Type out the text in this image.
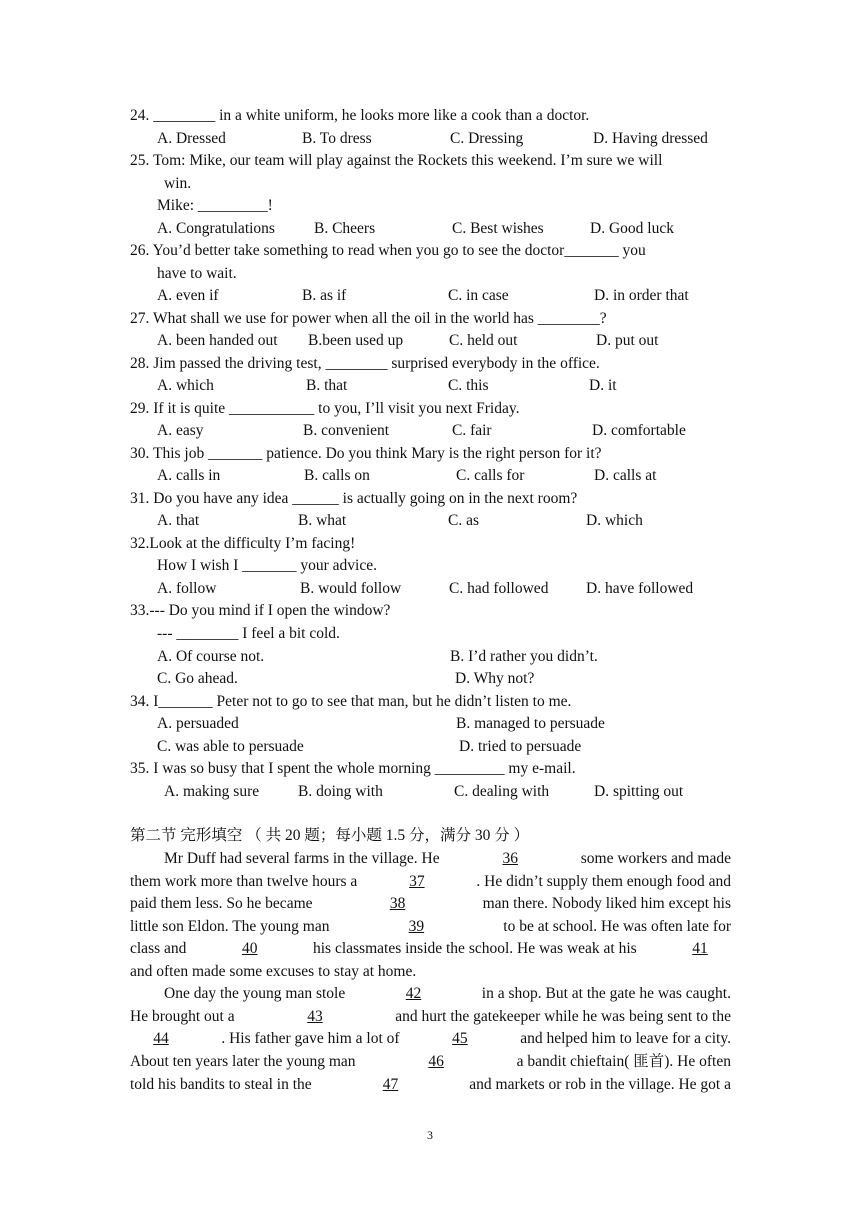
24. ________ in a white uniform, he looks more like a cook than a doctor.
A. Dressed	B. To dress	C. Dressing	D. Having dressed
25. Tom: Mike, our team will play against the Rockets this weekend. I’m sure we will
win.
Mike: _________!
A. Congratulations	B. Cheers	C. Best wishes	D. Good luck
26. You’d better take something to read when you go to see the doctor_______ you
have to wait.
A. even if	B. as if	C. in case	D. in order that
27. What shall we use for power when all the oil in the world has ________?
A. been handed out B.been used up	C. held out	D. put out
28. Jim passed the driving test, ________ surprised everybody in the office.
A. which	B. that	C. this	D. it
29. If it is quite ___________ to you, I’ll visit you next Friday.
A. easy	B. convenient	C. fair	D. comfortable
30. This job _______ patience. Do you think Mary is the right person for it?
A. calls in	B. calls on	C. calls for	D. calls at
31. Do you have any idea ______ is actually going on in the next room?
A. that	B. what	C. as	D. which
32.Look at the difficulty I’m facing!
How I wish I _______ your advice.
A. follow	B. would follow	C. had followed D. have followed
33.--- Do you mind if I open the window?
--- ________ I feel a bit cold.
A. Of course not.	B. I’d rather you didn’t.
C. Go ahead.	D. Why not?
34. I_______ Peter not to go to see that man, but he didn’t listen to me.
A. persuaded	B. managed to persuade
C. was able to persuade	D. tried to persuade
35. I was so busy that I spent the whole morning _________ my e-mail.
A. making sure	B. doing with	C. dealing with	D. spitting out
第二节 完形填空 （ 共 20 题；每小题 1.5 分，满分 30 分 ）
Mr Duff had several farms in the village. He	36	some workers and made
them work more than twelve hours a	37	. He didn’t supply them enough food and
paid them less. So he became	38	man there. Nobody liked him except his
little son Eldon. The young man	39	to be at school. He was often late for
class and	40	his classmates inside the school. He was weak at his	41
and often made some excuses to stay at home.
One day the young man stole	42	in a shop. But at the gate he was caught.
He brought out a	43	and hurt the gatekeeper while he was being sent to the
44	. His father gave him a lot of	45	and helped him to leave for a city.
About ten years later the young man	46	a bandit chieftain( 匪首). He often
told his bandits to steal in the	47	and markets or rob in the village. He got a
3
